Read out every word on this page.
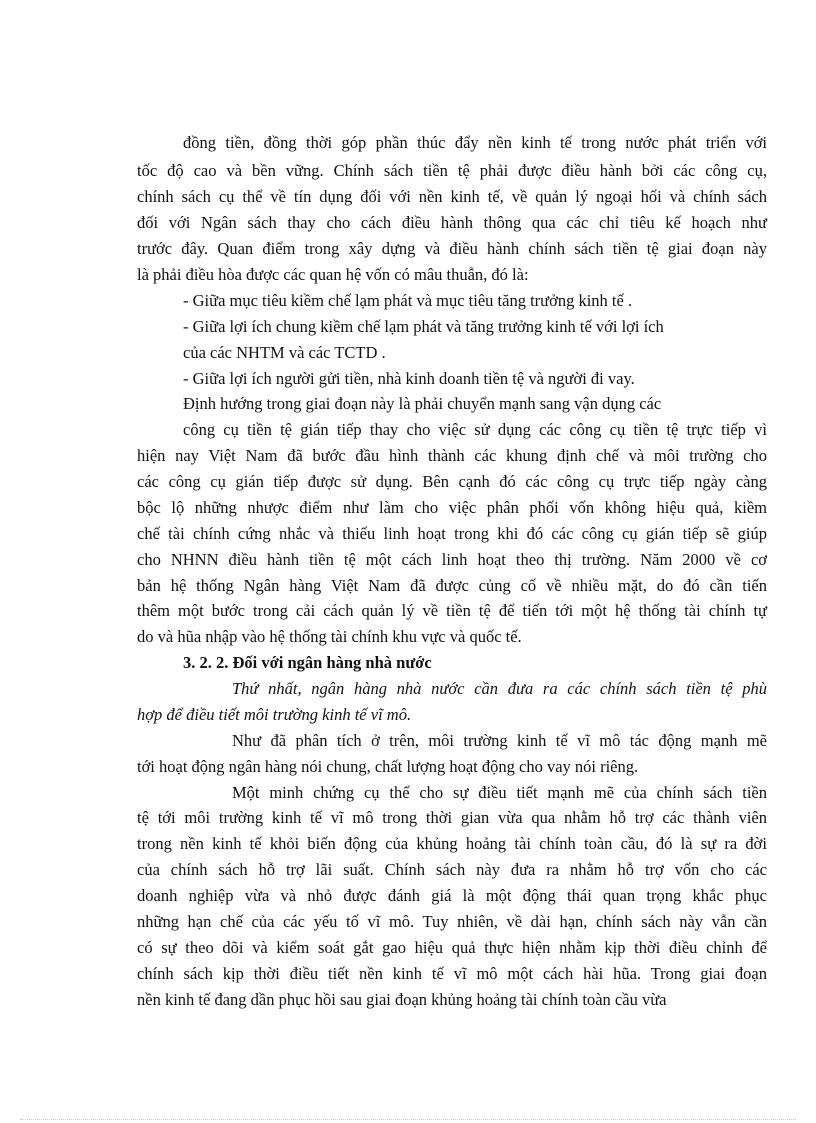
đồng tiền, đồng thời góp phần thúc đẩy nền kinh tế trong nước phát triển với
tốc độ cao và bền vững. Chính sách tiền tệ phải được điều hành bởi các công cụ,
chính sách cụ thể về tín dụng đối với nền kinh tế, về quản lý ngoại hối và chính sách
đối với Ngân sách thay cho cách điều hành thông qua các chỉ tiêu kế hoạch như
trước đây. Quan điểm trong xây dựng và điều hành chính sách tiền tệ giai đoạn này
là phải điều hòa được các quan hệ vốn có mâu thuẫn, đó là:
- Giữa mục tiêu kiềm chế lạm phát và mục tiêu tăng trưởng kinh tế .
- Giữa lợi ích chung kiềm chế lạm phát và tăng trưởng kinh tế với lợi ích
của các NHTM và các TCTD .
- Giữa lợi ích người gửi tiền, nhà kinh doanh tiền tệ và người đi vay.
Định hướng trong giai đoạn này là phải chuyển mạnh sang vận dụng các
công cụ tiền tệ gián tiếp thay cho việc sử dụng các công cụ tiền tệ trực tiếp vì
hiện nay Việt Nam đã bước đầu hình thành các khung định chế và môi trường cho
các công cụ gián tiếp được sử dụng. Bên cạnh đó các công cụ trực tiếp ngày càng
bộc lộ những nhược điểm như làm cho việc phân phối vốn không hiệu quả, kiềm
chế tài chính cứng nhắc và thiếu linh hoạt trong khi đó các công cụ gián tiếp sẽ giúp
cho NHNN điều hành tiền tệ một cách linh hoạt theo thị trường. Năm 2000 về cơ
bản hệ thống Ngân hàng Việt Nam đã được củng cố về nhiều mặt, do đó cần tiến
thêm một bước trong cải cách quản lý về tiền tệ để tiến tới một hệ thống tài chính tự
do và hũa nhập vào hệ thống tài chính khu vực và quốc tế.
3. 2. 2. Đối với ngân hàng nhà nước
Thứ nhất, ngân hàng nhà nước cần đưa ra các chính sách tiền tệ phù
hợp để điều tiết môi trường kinh tế vĩ mô.
Như đã phân tích ở trên, môi trường kinh tế vĩ mô tác động mạnh mẽ
tới hoạt động ngân hàng nói chung, chất lượng hoạt động cho vay nói riêng.
Một minh chứng cụ thể cho sự điều tiết mạnh mẽ của chính sách tiền
tệ tới môi trường kinh tế vĩ mô trong thời gian vừa qua nhằm hỗ trợ các thành viên
trong nền kinh tế khỏi biến động của khủng hoảng tài chính toàn cầu, đó là sự ra đời
của chính sách hỗ trợ lãi suất. Chính sách này đưa ra nhằm hỗ trợ vốn cho các
doanh nghiệp vừa và nhỏ được đánh giá là một động thái quan trọng khắc phục
những hạn chế của các yếu tố vĩ mô. Tuy nhiên, về dài hạn, chính sách này vẫn cần
có sự theo dõi và kiểm soát gắt gao hiệu quả thực hiện nhằm kịp thời điều chỉnh để
chính sách kịp thời điều tiết nền kinh tế vĩ mô một cách hài hũa. Trong giai đoạn
nền kinh tế đang dần phục hồi sau giai đoạn khủng hoảng tài chính toàn cầu vừa
